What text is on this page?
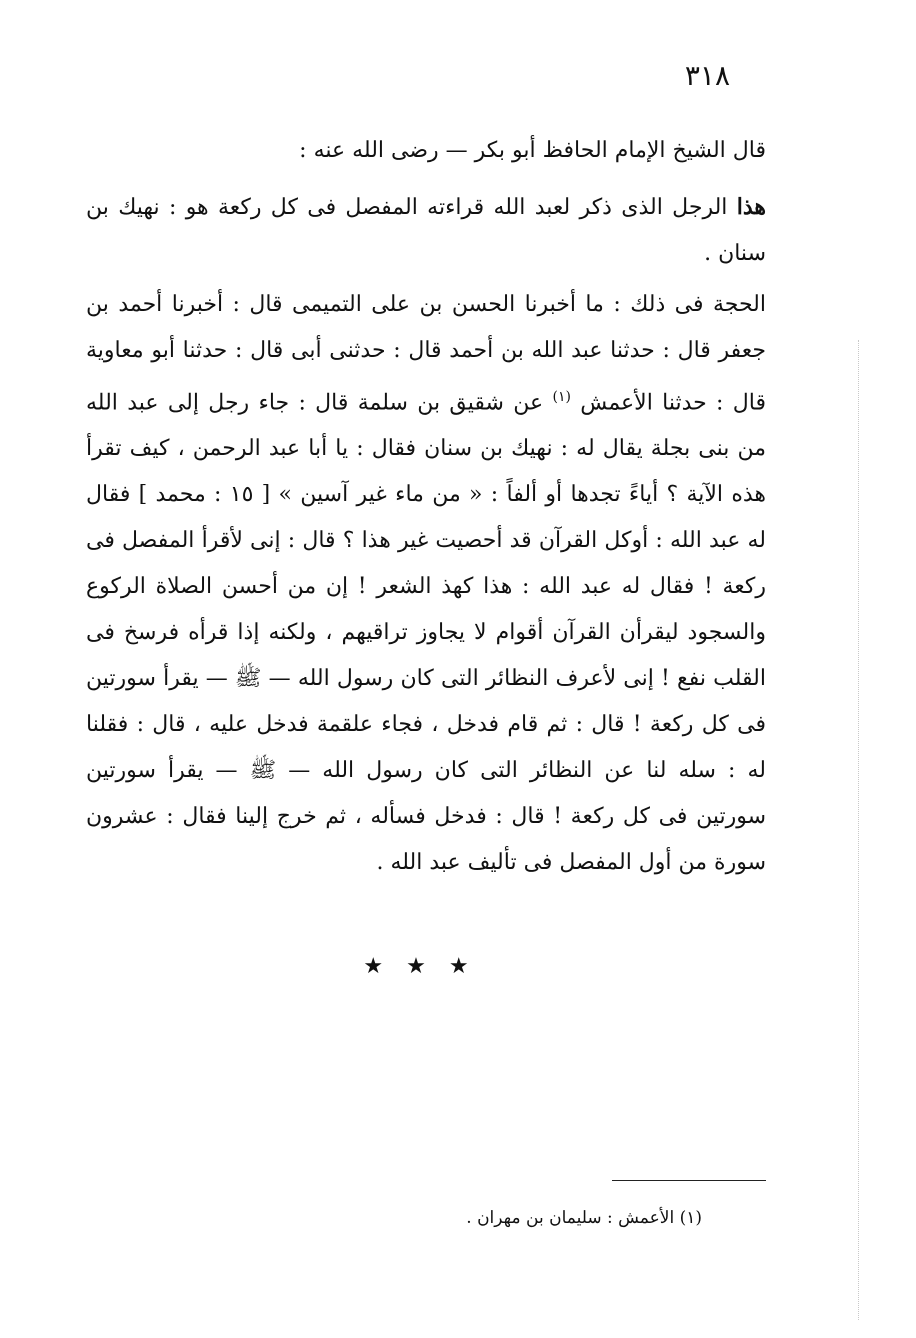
٣١٨
قال الشيخ الإمام الحافظ أبو بكر — رضى الله عنه :
هذا الرجل الذى ذكر لعبد الله قراءته المفصل فى كل ركعة هو : نهيك بن سنان .
الحجة فى ذلك : ما أخبرنا الحسن بن على التميمى قال : أخبرنا أحمد بن جعفر قال : حدثنا عبد الله بن أحمد قال : حدثنى أبى قال : حدثنا أبو معاوية قال : حدثنا الأعمش $^{(١)}$ عن شقيق بن سلمة قال : جاء رجل إلى عبد الله من بنى بجلة يقال له : نهيك بن سنان فقال : يا أبا عبد الرحمن ، كيف تقرأ هذه الآية ؟ أياءً تجدها أو ألفاً : « من ماء غير آسين » [ ١٥ : محمد ] فقال له عبد الله : أوكل القرآن قد أحصيت غير هذا ؟ قال : إنى لأقرأ المفصل فى ركعة ! فقال له عبد الله : هذا كهذ الشعر ! إن من أحسن الصلاة الركوع والسجود ليقرأن القرآن أقوام لا يجاوز تراقيهم ، ولكنه إذا قرأه فرسخ فى القلب نفع ! إنى لأعرف النظائر التى كان رسول الله — ﷺ — يقرأ سورتين فى كل ركعة ! قال : ثم قام فدخل ، فجاء علقمة فدخل عليه ، قال : فقلنا له : سله لنا عن النظائر التى كان رسول الله — ﷺ — يقرأ سورتين سورتين فى كل ركعة ! قال : فدخل فسأله ، ثم خرج إلينا فقال : عشرون سورة من أول المفصل فى تأليف عبد الله .
★ ★ ★
(١) الأعمش : سليمان بن مهران .
